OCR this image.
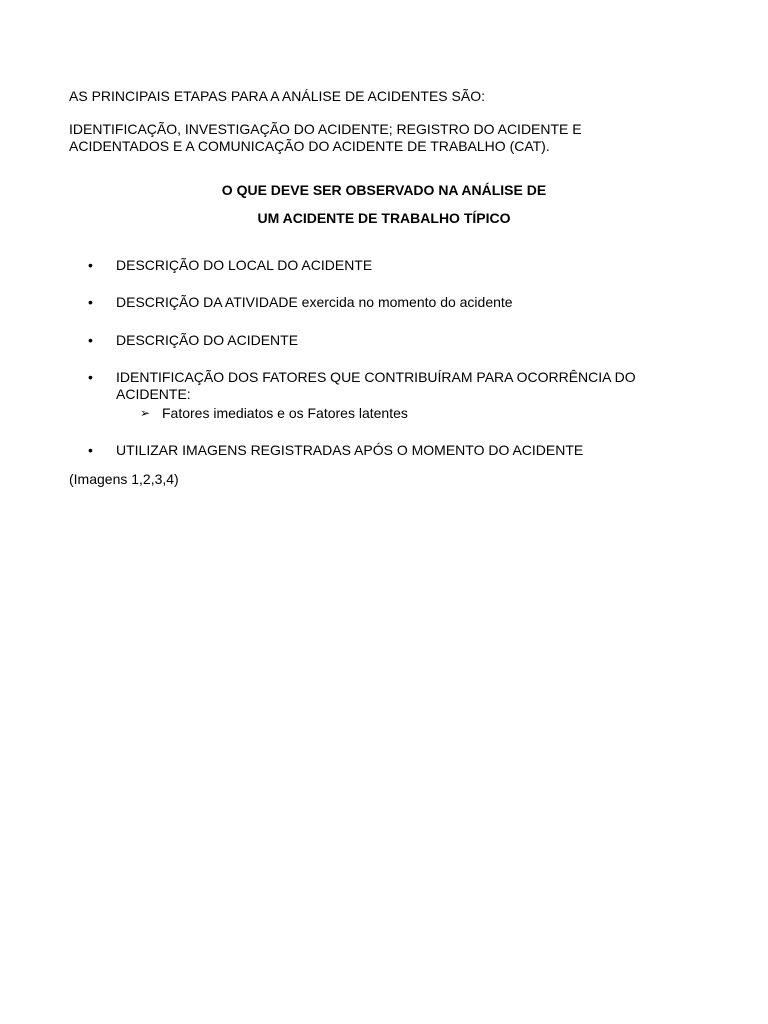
AS PRINCIPAIS ETAPAS PARA A ANÁLISE DE ACIDENTES SÃO:

IDENTIFICAÇÃO, INVESTIGAÇÃO DO ACIDENTE; REGISTRO DO ACIDENTE E

ACIDENTADOS E A COMUNICAÇÃO DO ACIDENTE DE TRABALHO (CAT).

O QUE DEVE SER OBSERVADO NA ANÁLISE DE

UM ACIDENTE DE TRABALHO TÍPICO

•	DESCRIÇÃO DO LOCAL DO ACIDENTE
•	DESCRIÇÃO DA ATIVIDADE exercida no momento do acidente
•	DESCRIÇÃO DO ACIDENTE
•	IDENTIFICAÇÃO DOS FATORES QUE CONTRIBUÍRAM PARA OCORRÊNCIA DO
ACIDENTE:
➢ Fatores imediatos e os Fatores latentes
•	UTILIZAR IMAGENS REGISTRADAS APÓS O MOMENTO DO ACIDENTE

(Imagens 1,2,3,4)
